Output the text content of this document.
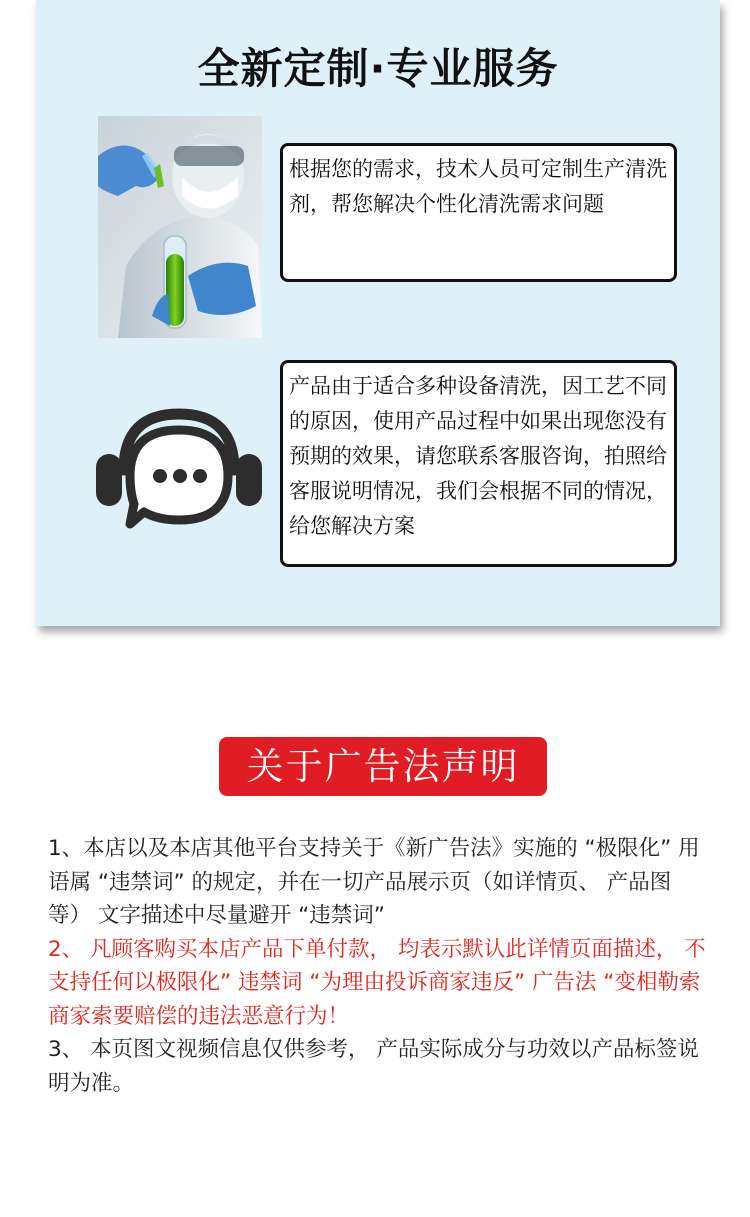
全新定制·专业服务
根据您的需求，技术人员可定制生产清洗剂，帮您解决个性化清洗需求问题
产品由于适合多种设备清洗，因工艺不同的原因，使用产品过程中如果出现您没有预期的效果，请您联系客服咨询，拍照给客服说明情况，我们会根据不同的情况，给您解决方案
关于广告法声明

1、本店以及本店其他平台支持关于《新广告法》实施的 “极限化” 用语属 “违禁词” 的规定，并在一切产品展示页（如详情页、 产品图等） 文字描述中尽量避开 “违禁词”

2、 凡顾客购买本店产品下单付款， 均表示默认此详情页面描述， 不支持任何以极限化” 违禁词 “为理由投诉商家违反” 广告法 “变相勒索商家索要赔偿的违法恶意行为！

3、 本页图文视频信息仅供参考， 产品实际成分与功效以产品标签说明为准。
